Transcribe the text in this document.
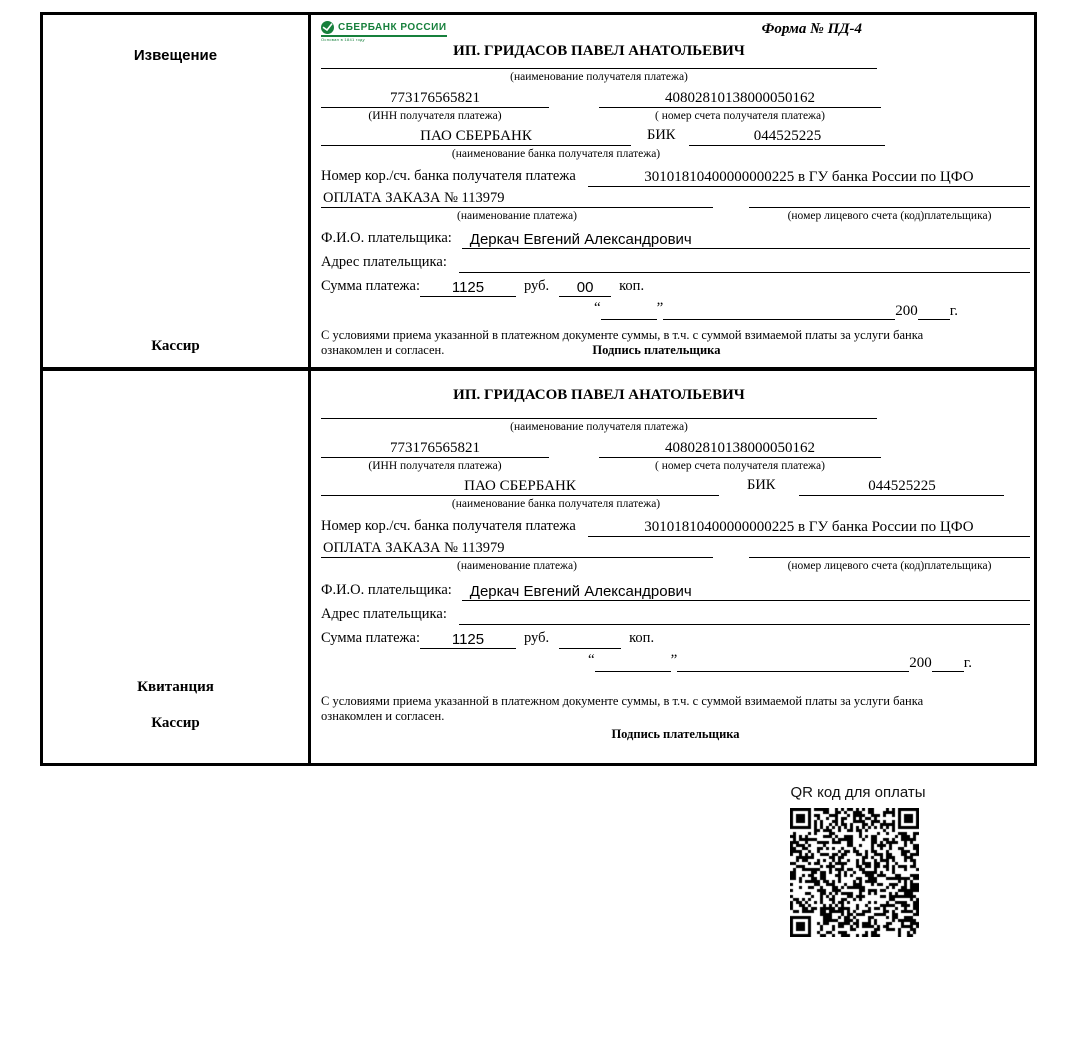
Извещение
Кассир
СБЕРБАНК РОССИИ
Основан в 1841 году
Форма № ПД-4
ИП. ГРИДАСОВ ПАВЕЛ АНАТОЛЬЕВИЧ
(наименование получателя платежа)
773176565821	40802810138000050162
(ИНН получателя платежа)	( номер счета получателя платежа)
ПАО СБЕРБАНК	БИК	044525225
(наименование банка получателя платежа)
Номер кор./сч. банка получателя платежа	30101810400000000225 в ГУ банка России по ЦФО
ОПЛАТА ЗАКАЗА № 113979
(наименование платежа)	(номер лицевого счета (код)плательщика)
Ф.И.О. плательщика:	Деркач Евгений Александрович
Адрес плательщика:
Сумма платежа:	1125	руб.	00	коп.
“	”	200 г.
С условиями приема указанной в платежном документе суммы, в т.ч. с суммой взимаемой платы за услуги банка
ознакомлен и согласен.	Подпись плательщика
Квитанция
Кассир
ИП. ГРИДАСОВ ПАВЕЛ АНАТОЛЬЕВИЧ
(наименование получателя платежа)
773176565821	40802810138000050162
(ИНН получателя платежа)	( номер счета получателя платежа)
ПАО СБЕРБАНК	БИК	044525225
(наименование банка получателя платежа)
Номер кор./сч. банка получателя платежа	30101810400000000225 в ГУ банка России по ЦФО
ОПЛАТА ЗАКАЗА № 113979
(наименование платежа)	(номер лицевого счета (код)плательщика)
Ф.И.О. плательщика:	Деркач Евгений Александрович
Адрес плательщика:
Сумма платежа:	1125	руб.	коп.
“	”	200 г.
С условиями приема указанной в платежном документе суммы, в т.ч. с суммой взимаемой платы за услуги банка
ознакомлен и согласен.
Подпись плательщика
QR код для оплаты
